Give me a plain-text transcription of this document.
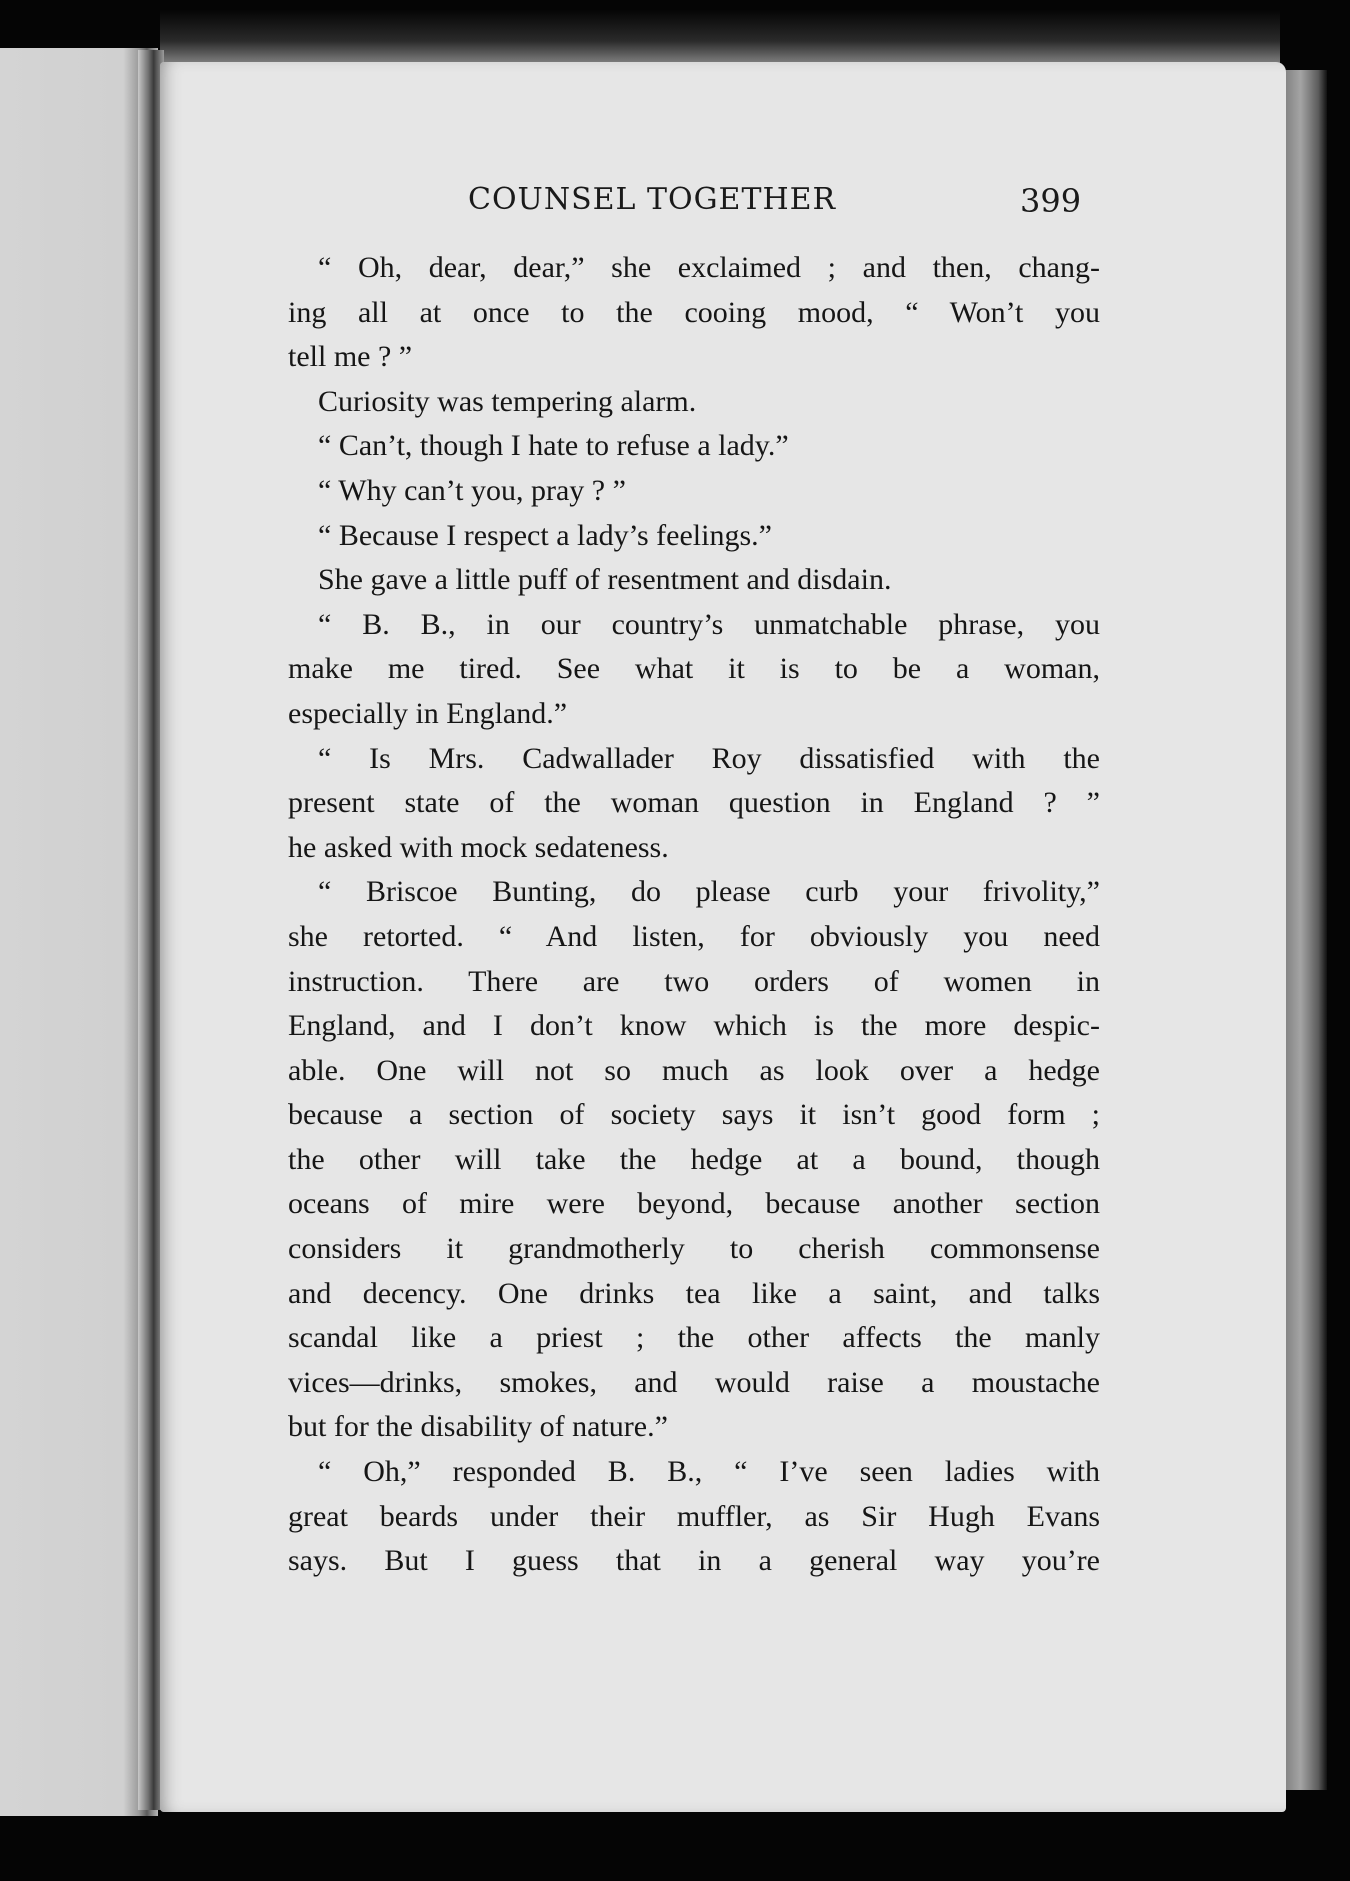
COUNSEL TOGETHER	399
“ Oh, dear, dear,” she exclaimed ; and then, chang-
ing all at once to the cooing mood, “ Won’t you
tell me ? ”
Curiosity was tempering alarm.
“ Can’t, though I hate to refuse a lady.”
“ Why can’t you, pray ? ”
“ Because I respect a lady’s feelings.”
She gave a little puff of resentment and disdain.
“ B. B., in our country’s unmatchable phrase, you
make me tired. See what it is to be a woman,
especially in England.”
“ Is Mrs. Cadwallader Roy dissatisfied with the
present state of the woman question in England ? ”
he asked with mock sedateness.
“ Briscoe Bunting, do please curb your frivolity,”
she retorted. “ And listen, for obviously you need
instruction. There are two orders of women in
England, and I don’t know which is the more despic-
able. One will not so much as look over a hedge
because a section of society says it isn’t good form ;
the other will take the hedge at a bound, though
oceans of mire were beyond, because another section
considers it grandmotherly to cherish commonsense
and decency. One drinks tea like a saint, and talks
scandal like a priest ; the other affects the manly
vices—drinks, smokes, and would raise a moustache
but for the disability of nature.”
“ Oh,” responded B. B., “ I’ve seen ladies with
great beards under their muffler, as Sir Hugh Evans
says. But I guess that in a general way you’re
